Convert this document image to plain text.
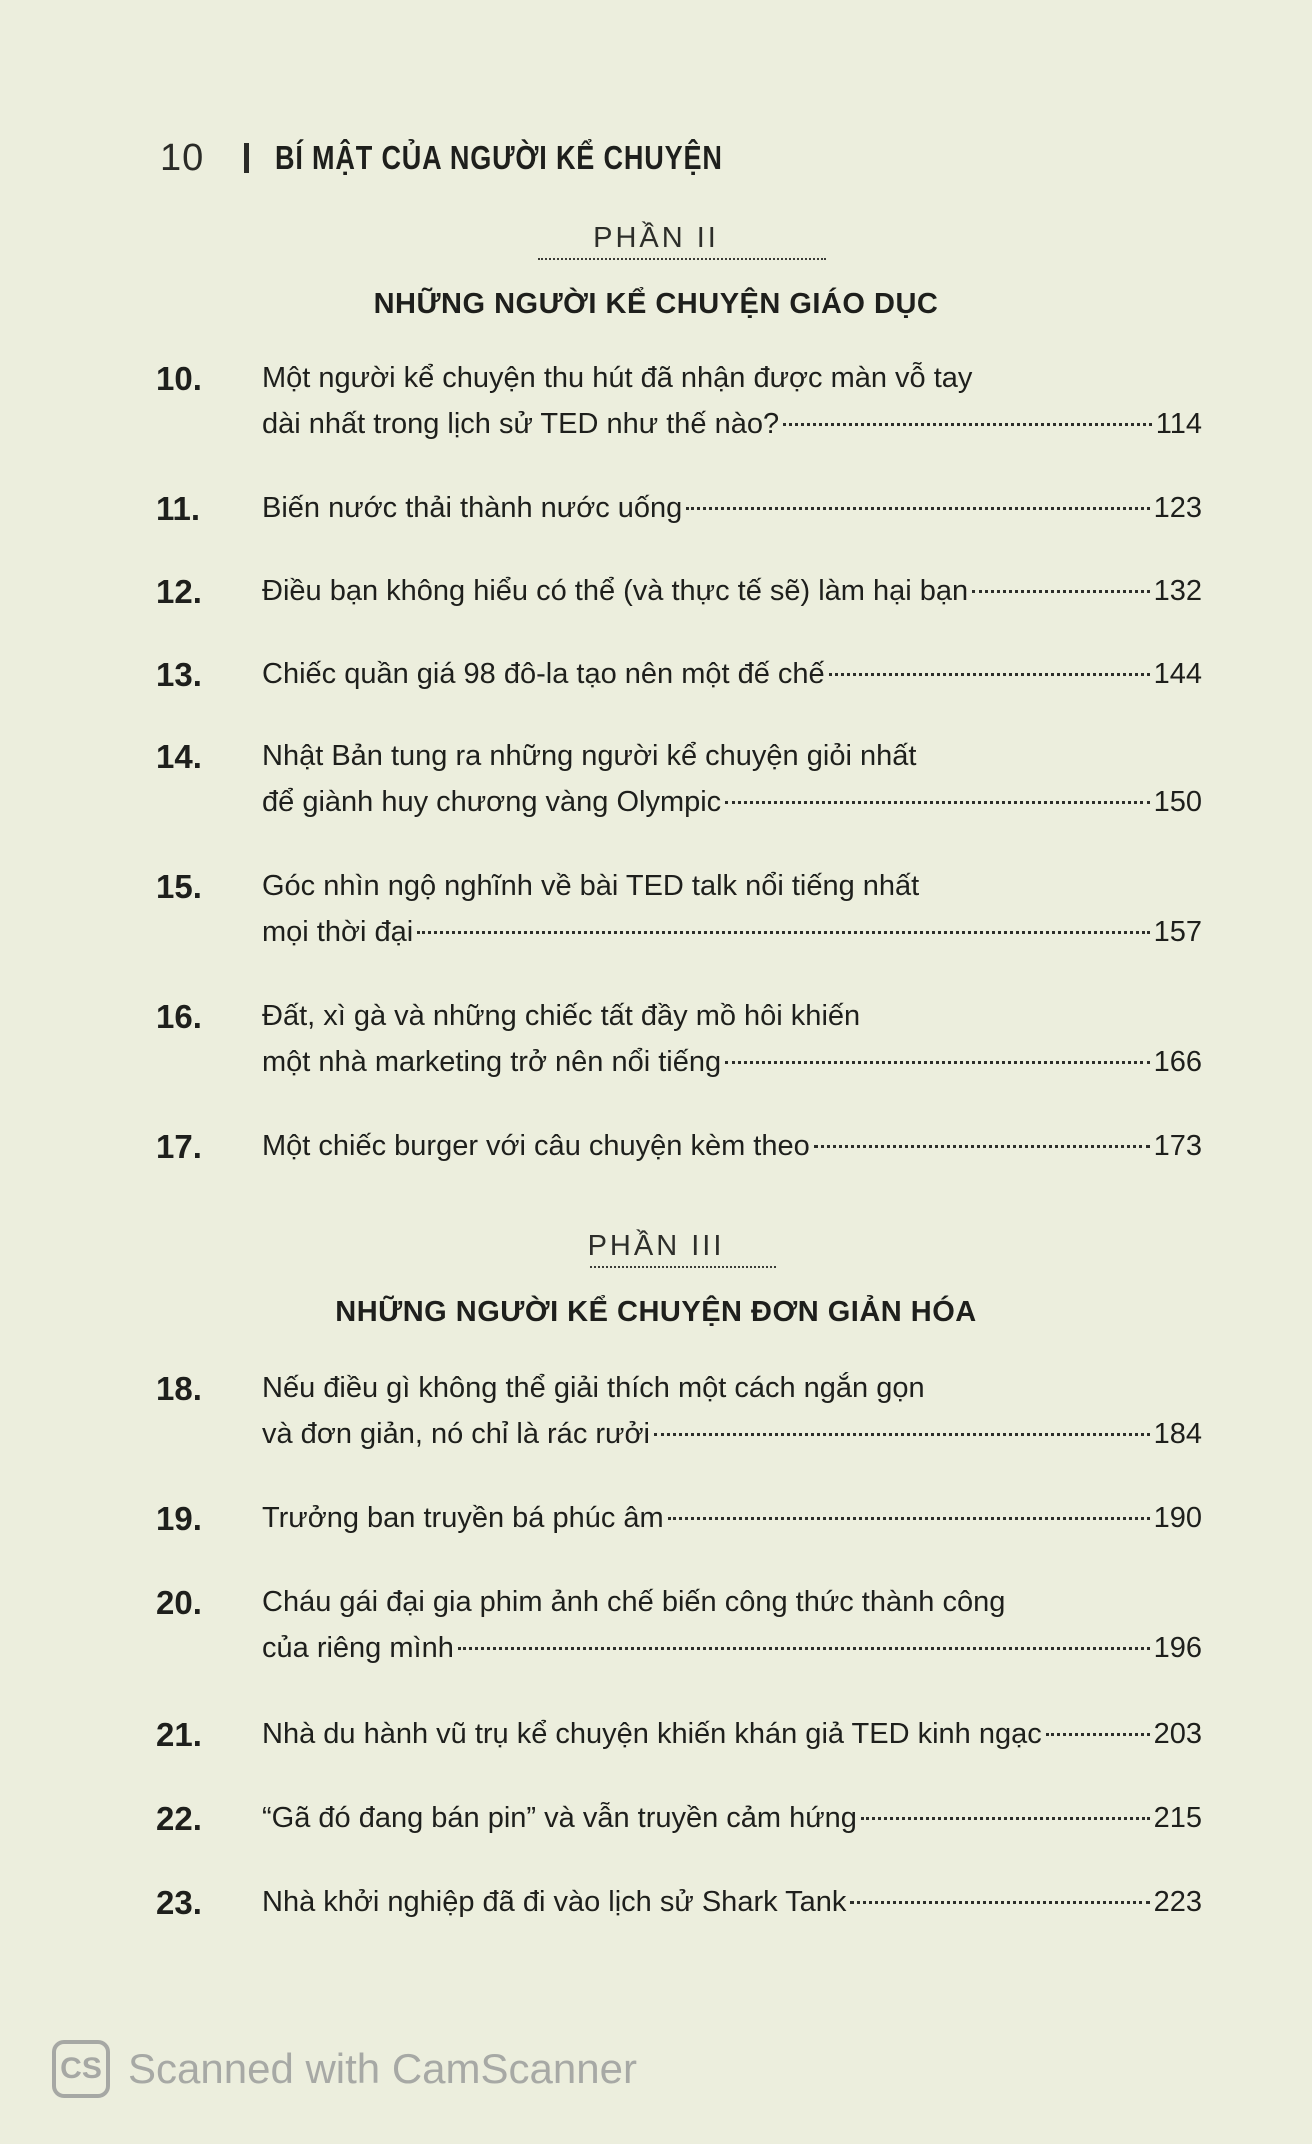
10 BÍ MẬT CỦA NGƯỜI KỂ CHUYỆN
PHẦN II
NHỮNG NGƯỜI KỂ CHUYỆN GIÁO DỤC
10. Một người kể chuyện thu hút đã nhận được màn vỗ tay
dài nhất trong lịch sử TED như thế nào?	114
11. Biến nước thải thành nước uống	123
12. Điều bạn không hiểu có thể (và thực tế sẽ) làm hại bạn	132
13. Chiếc quần giá 98 đô-la tạo nên một đế chế	144
14. Nhật Bản tung ra những người kể chuyện giỏi nhất
để giành huy chương vàng Olympic	150
15. Góc nhìn ngộ nghĩnh về bài TED talk nổi tiếng nhất
mọi thời đại	157
16. Đất, xì gà và những chiếc tất đầy mồ hôi khiến
một nhà marketing trở nên nổi tiếng	166
17. Một chiếc burger với câu chuyện kèm theo	173
PHẦN III
NHỮNG NGƯỜI KỂ CHUYỆN ĐƠN GIẢN HÓA
18. Nếu điều gì không thể giải thích một cách ngắn gọn
và đơn giản, nó chỉ là rác rưởi	184
19. Trưởng ban truyền bá phúc âm	190
20. Cháu gái đại gia phim ảnh chế biến công thức thành công
của riêng mình	196
21. Nhà du hành vũ trụ kể chuyện khiến khán giả TED kinh ngạc	203
22. “Gã đó đang bán pin” và vẫn truyền cảm hứng	215
23. Nhà khởi nghiệp đã đi vào lịch sử Shark Tank	223
CS Scanned with CamScanner
